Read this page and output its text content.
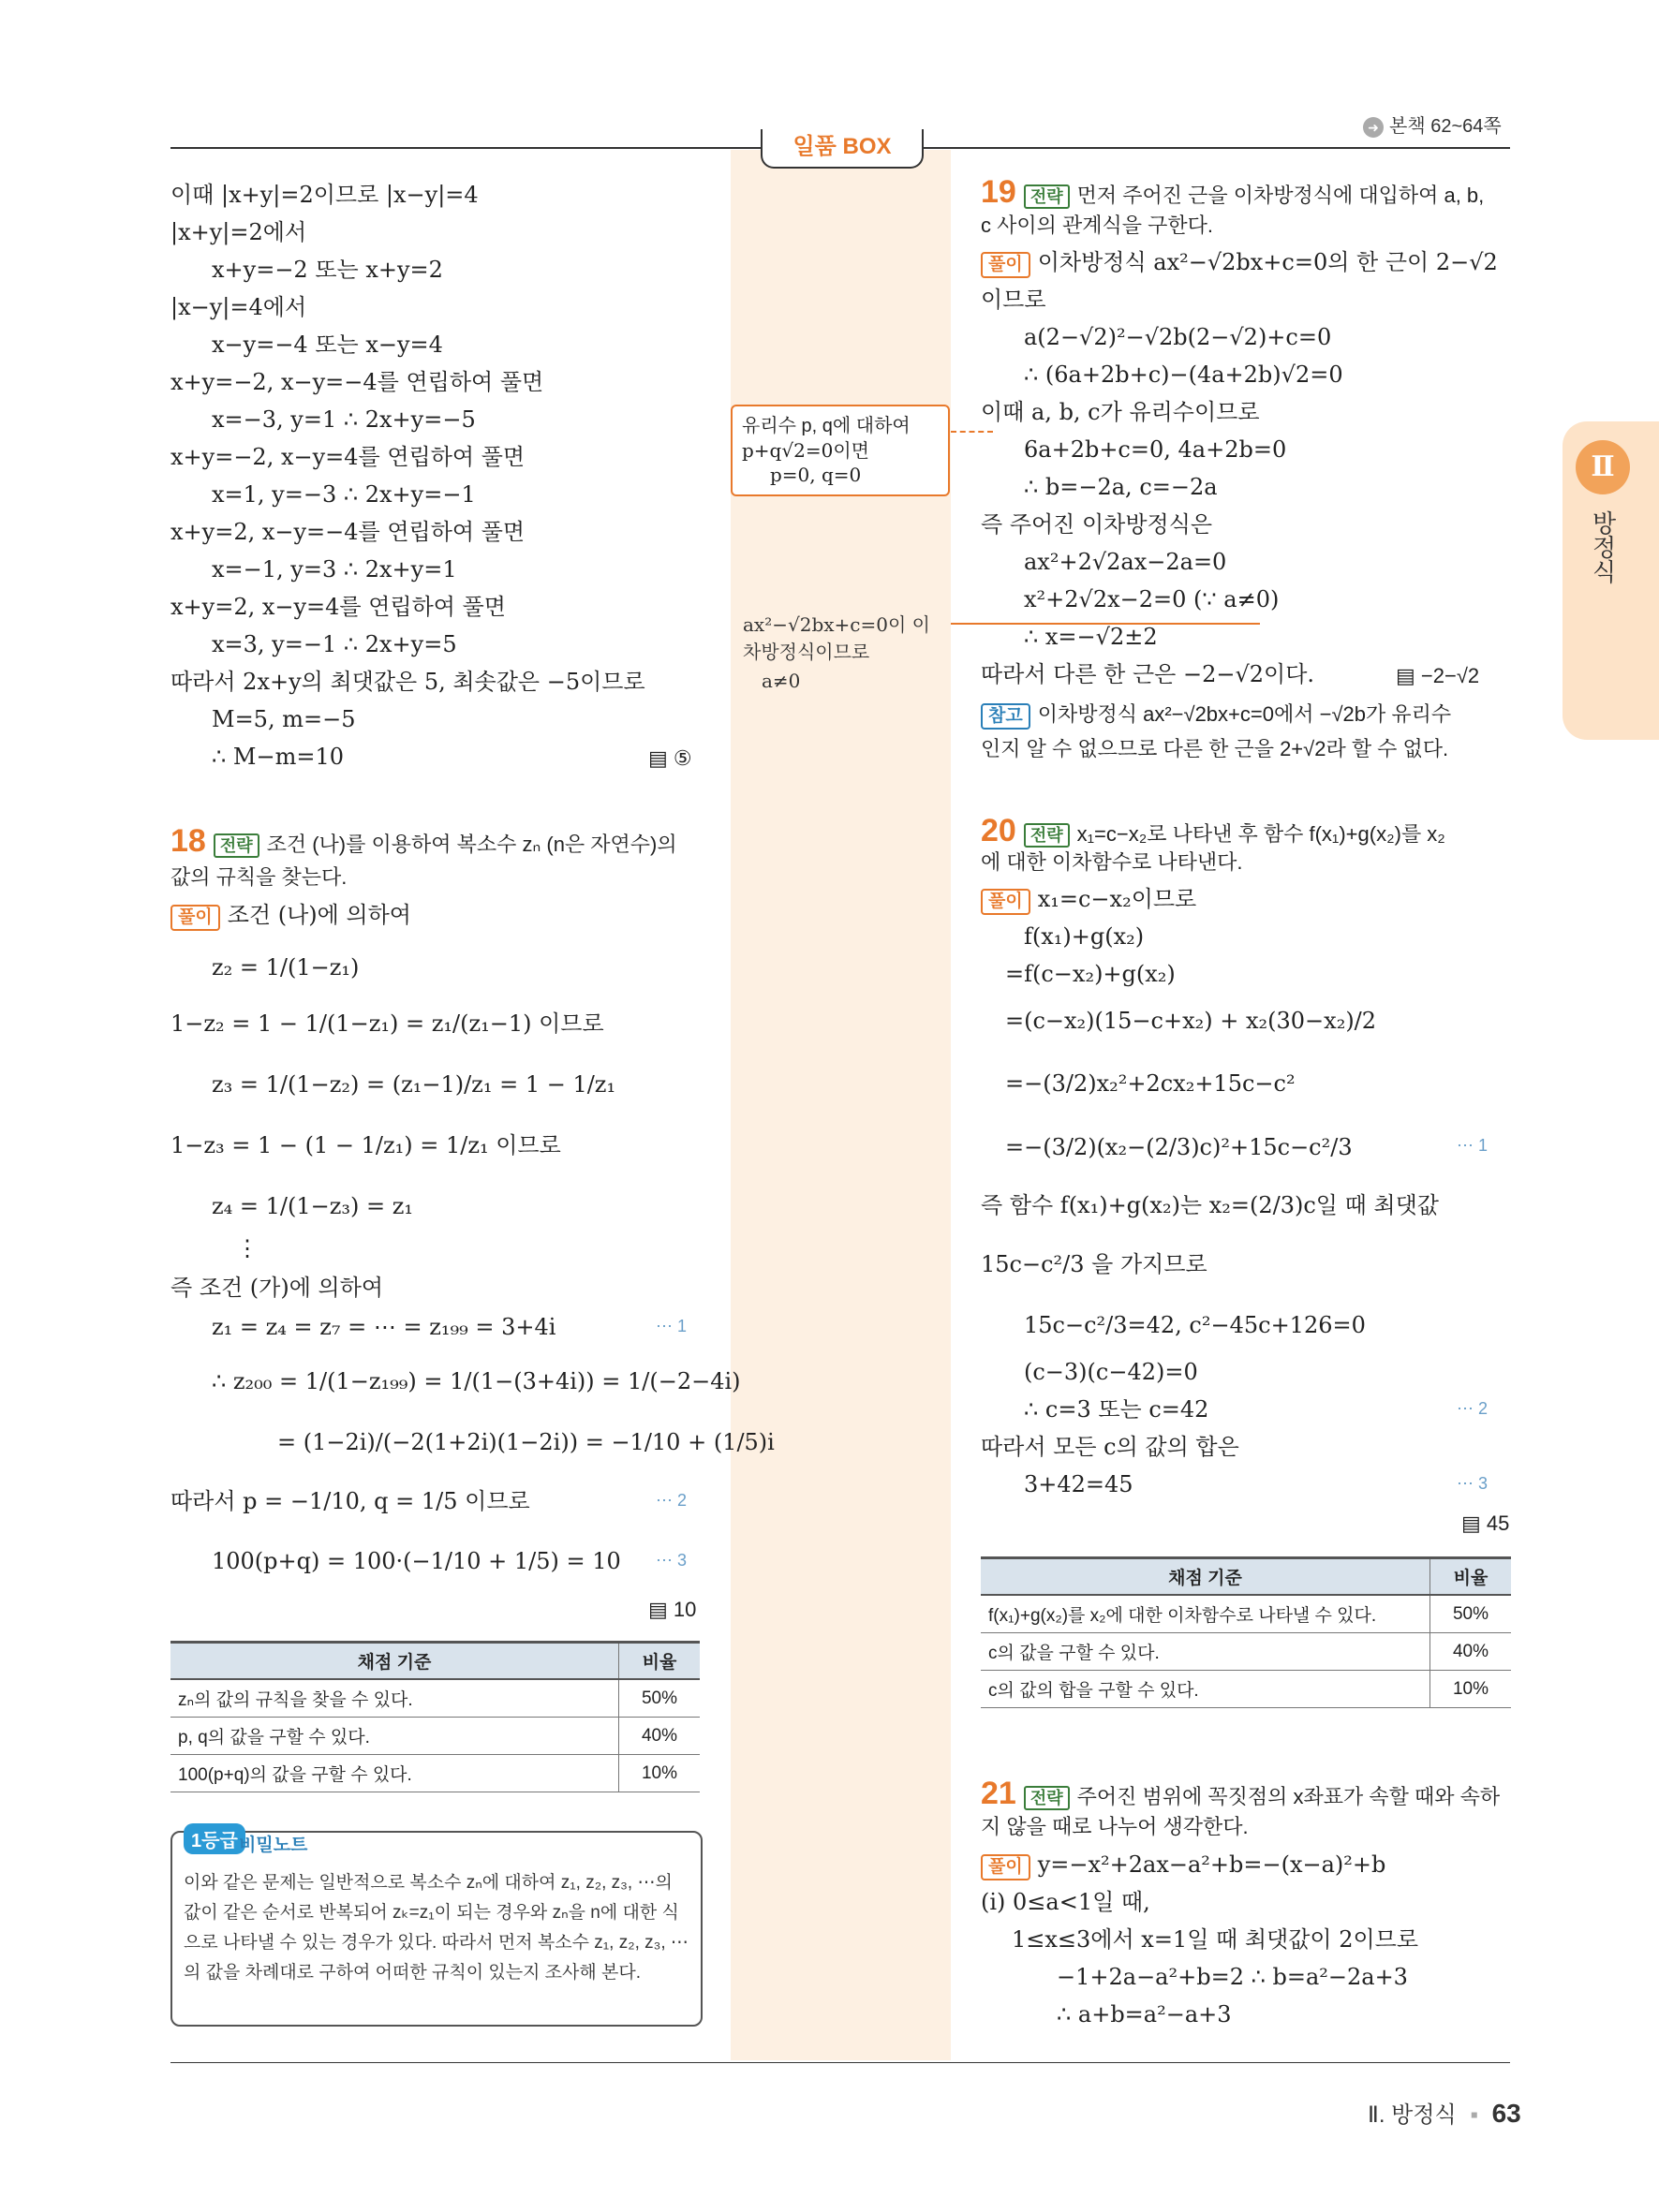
➜ 본책 62~64쪽
일품 BOX
이때 |x+y|=2이므로 |x−y|=4
|x+y|=2에서
x+y=−2 또는 x+y=2
|x−y|=4에서
x−y=−4 또는 x−y=4
x+y=−2, x−y=−4를 연립하여 풀면
x=−3, y=1 ∴ 2x+y=−5
x+y=−2, x−y=4를 연립하여 풀면
x=1, y=−3 ∴ 2x+y=−1
x+y=2, x−y=−4를 연립하여 풀면
x=−1, y=3 ∴ 2x+y=1
x+y=2, x−y=4를 연립하여 풀면
x=3, y=−1 ∴ 2x+y=5
따라서 2x+y의 최댓값은 5, 최솟값은 −5이므로
M=5, m=−5
∴ M−m=10	▤ ⑤
18 전략 조건 (나)를 이용하여 복소수 zₙ (n은 자연수)의
값의 규칙을 찾는다.
풀이 조건 (나)에 의하여
z₂ = 1/(1−z₁)
1−z₂ = 1 − 1/(1−z₁) = z₁/(z₁−1) 이므로
z₃ = 1/(1−z₂) = (z₁−1)/z₁ = 1 − 1/z₁
1−z₃ = 1 − (1 − 1/z₁) = 1/z₁ 이므로
z₄ = 1/(1−z₃) = z₁
⋮
즉 조건 (가)에 의하여
z₁ = z₄ = z₇ = ⋯ = z₁₉₉ = 3+4i
∴ z₂₀₀ = 1/(1−z₁₉₉) = 1/(1−(3+4i)) = 1/(−2−4i)
= (1−2i)/(−2(1+2i)(1−2i)) = −1/10 + (1/5)i
따라서 p = −1/10, q = 1/5 이므로
100(p+q) = 100·(−1/10 + 1/5) = 10
⋯ 1
⋯ 2
⋯ 3
▤ 10
채점 기준	비율
zₙ의 값의 규칙을 찾을 수 있다.	50%
p, q의 값을 구할 수 있다.	40%
100(p+q)의 값을 구할 수 있다.	10%
1등급 비밀노트
이와 같은 문제는 일반적으로 복소수 zₙ에 대하여 z₁, z₂, z₃, ⋯의 값이 같은 순서로 반복되어 zₖ=z₁이 되는 경우와 zₙ을 n에 대한 식으로 나타낼 수 있는 경우가 있다. 따라서 먼저 복소수 z₁, z₂, z₃, ⋯의 값을 차례대로 구하여 어떠한 규칙이 있는지 조사해 본다.
유리수 p, q에 대하여
p+q√2=0이면
p=0, q=0
ax²−√2bx+c=0이 이
차방정식이므로
a≠0
19 전략 먼저 주어진 근을 이차방정식에 대입하여 a, b,
c 사이의 관계식을 구한다.
풀이 이차방정식 ax²−√2bx+c=0의 한 근이 2−√2
이므로
a(2−√2)²−√2b(2−√2)+c=0
∴ (6a+2b+c)−(4a+2b)√2=0
이때 a, b, c가 유리수이므로
6a+2b+c=0, 4a+2b=0
∴ b=−2a, c=−2a
즉 주어진 이차방정식은
ax²+2√2ax−2a=0
x²+2√2x−2=0 (∵ a≠0)
∴ x=−√2±2
따라서 다른 한 근은 −2−√2이다.	▤ −2−√2
참고 이차방정식 ax²−√2bx+c=0에서 −√2b가 유리수
인지 알 수 없으므로 다른 한 근을 2+√2라 할 수 없다.
20 전략 x₁=c−x₂로 나타낸 후 함수 f(x₁)+g(x₂)를 x₂
에 대한 이차함수로 나타낸다.
풀이 x₁=c−x₂이므로
f(x₁)+g(x₂)
=f(c−x₂)+g(x₂)
=(c−x₂)(15−c+x₂) + x₂(30−x₂)/2
=−(3/2)x₂²+2cx₂+15c−c²
=−(3/2)(x₂−(2/3)c)²+15c−c²/3	⋯ 1
즉 함수 f(x₁)+g(x₂)는 x₂=(2/3)c일 때 최댓값
15c−c²/3 을 가지므로
15c−c²/3=42, c²−45c+126=0
(c−3)(c−42)=0
∴ c=3 또는 c=42	⋯ 2
따라서 모든 c의 값의 합은
3+42=45	⋯ 3
▤ 45
채점 기준	비율
f(x₁)+g(x₂)를 x₂에 대한 이차함수로 나타낼 수 있다.	50%
c의 값을 구할 수 있다.	40%
c의 값의 합을 구할 수 있다.	10%
21 전략 주어진 범위에 꼭짓점의 x좌표가 속할 때와 속하
지 않을 때로 나누어 생각한다.
풀이 y=−x²+2ax−a²+b=−(x−a)²+b
(i) 0≤a<1일 때,
1≤x≤3에서 x=1일 때 최댓값이 2이므로
−1+2a−a²+b=2 ∴ b=a²−2a+3
∴ a+b=a²−a+3
Ⅱ
방정식
Ⅱ. 방정식 ▪ 63
